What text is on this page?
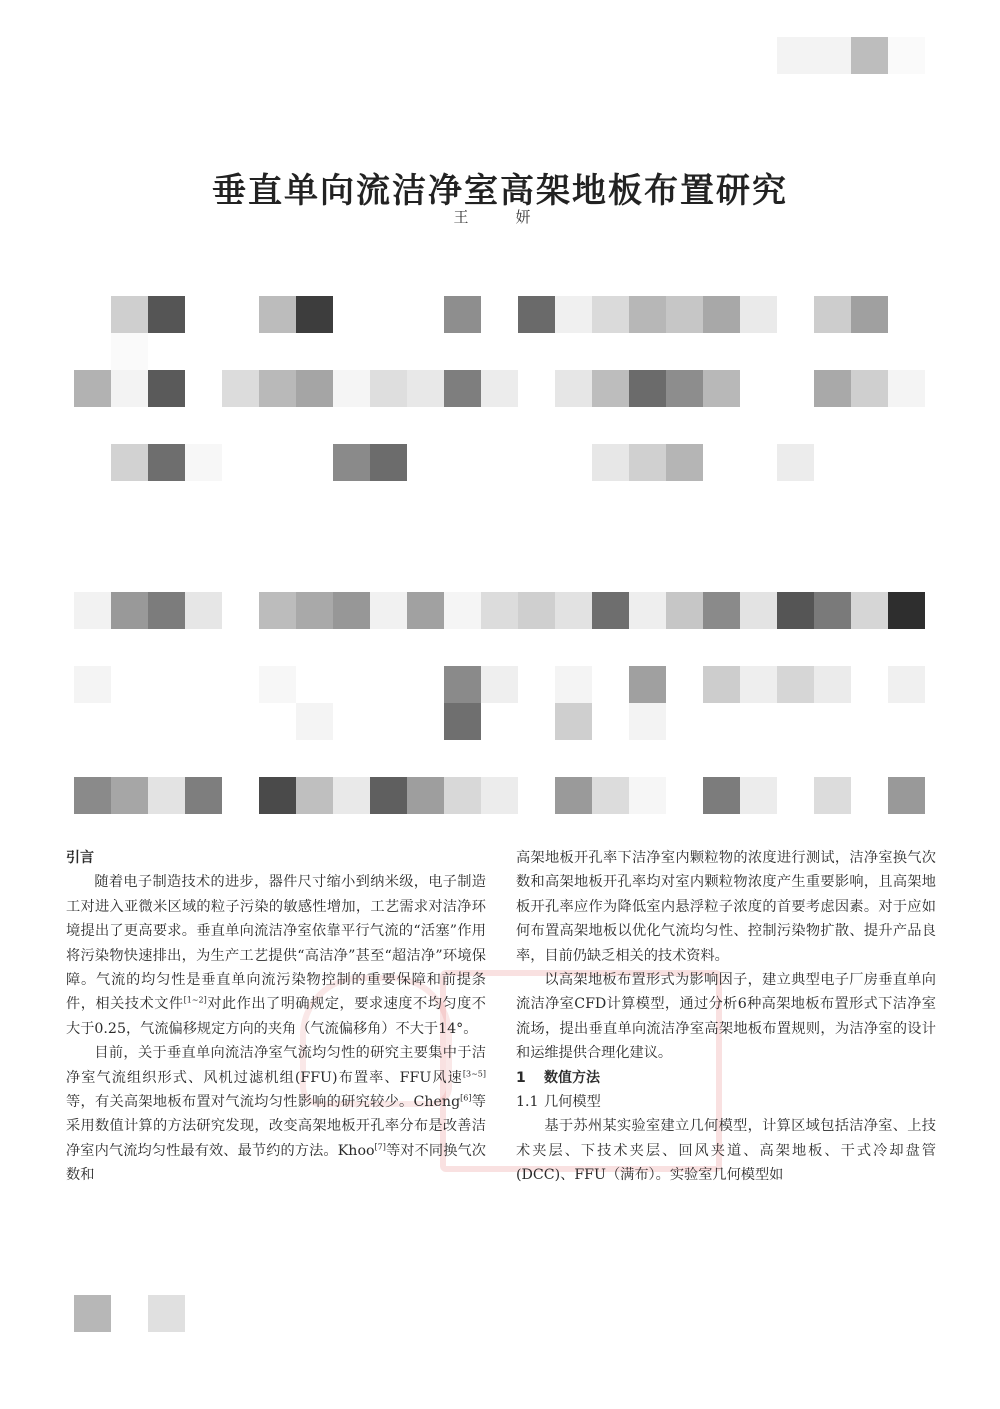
垂直单向流洁净室高架地板布置研究
王　妍
引言

随着电子制造技术的进步，器件尺寸缩小到纳米级，电子制造工对进入亚微米区域的粒子污染的敏感性增加，工艺需求对洁净环境提出了更高要求。垂直单向流洁净室依靠平行气流的“活塞”作用将污染物快速排出，为生产工艺提供“高洁净”甚至“超洁净”环境保障。气流的均匀性是垂直单向流污染物控制的重要保障和前提条件，相关技术文件[1~2]对此作出了明确规定，要求速度不均匀度不大于0.25，气流偏移规定方向的夹角（气流偏移角）不大于14°。

目前，关于垂直单向流洁净室气流均匀性的研究主要集中于洁净室气流组织形式、风机过滤机组(FFU)布置率、FFU风速[3~5]等，有关高架地板布置对气流均匀性影响的研究较少。Cheng[6]等采用数值计算的方法研究发现，改变高架地板开孔率分布是改善洁净室内气流均匀性最有效、最节约的方法。Khoo[7]等对不同换气次数和

高架地板开孔率下洁净室内颗粒物的浓度进行测试，洁净室换气次数和高架地板开孔率均对室内颗粒物浓度产生重要影响，且高架地板开孔率应作为降低室内悬浮粒子浓度的首要考虑因素。对于应如何布置高架地板以优化气流均匀性、控制污染物扩散、提升产品良率，目前仍缺乏相关的技术资料。

以高架地板布置形式为影响因子，建立典型电子厂房垂直单向流洁净室CFD计算模型，通过分析6种高架地板布置形式下洁净室流场，提出垂直单向流洁净室高架地板布置规则，为洁净室的设计和运维提供合理化建议。

1 数值方法
1.1 几何模型

基于苏州某实验室建立几何模型，计算区域包括洁净室、上技术夹层、下技术夹层、回风夹道、高架地板、干式冷却盘管(DCC)、FFU（满布）。实验室几何模型如
